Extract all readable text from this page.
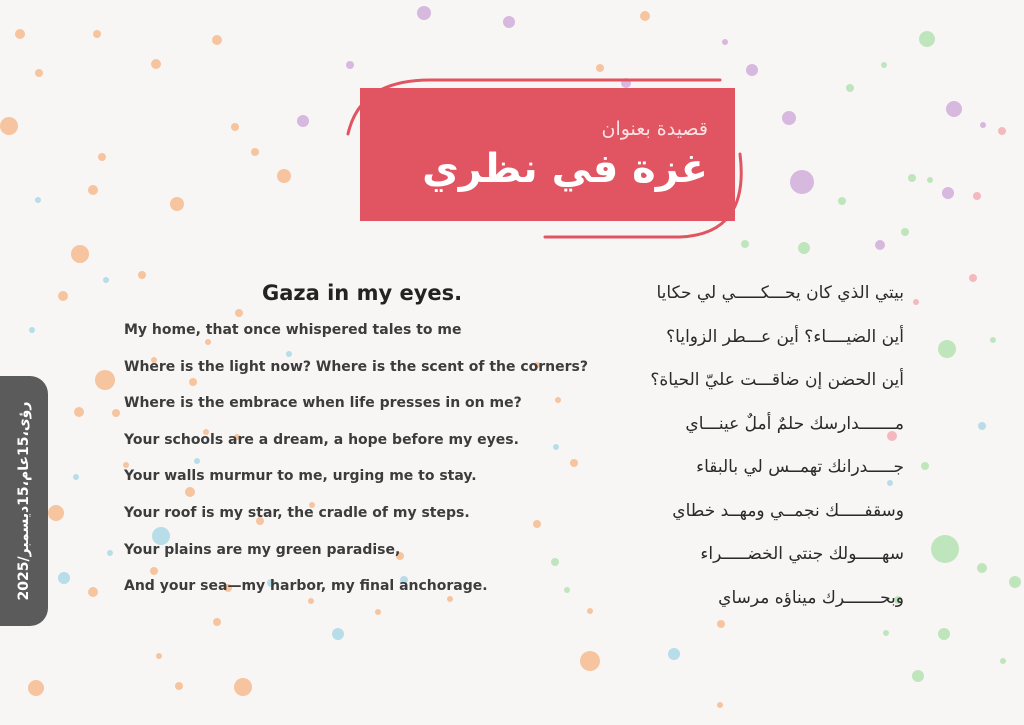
قصيدة بعنوان
غزة في نظري
Gaza in my eyes.
My home, that once whispered tales to me
Where is the light now? Where is the scent of the corners?
Where is the embrace when life presses in on me?
Your schools are a dream, a hope before my eyes.
Your walls murmur to me, urging me to stay.
Your roof is my star, the cradle of my steps.
Your plains are my green paradise,
And your sea—my harbor, my final anchorage.
بيتي الذي كان يحـــكـــــي لي حكايا
أين الضيــــاء؟ أين عـــطر الزوايا؟
أين الحضن إن ضاقـــت عليّ الحياة؟
مـــــــدارسك حلمٌ أملٌ عينـــاي
جـــــدرانك تهمــس لي بالبقاء
وسقفـــــك نجمــي ومهــد خطاي
سهـــــولك جنتي الخضـــــراء
وبحـــــــرك ميناؤه مرساي
رؤى،15عام،15ديسمبر/2025
